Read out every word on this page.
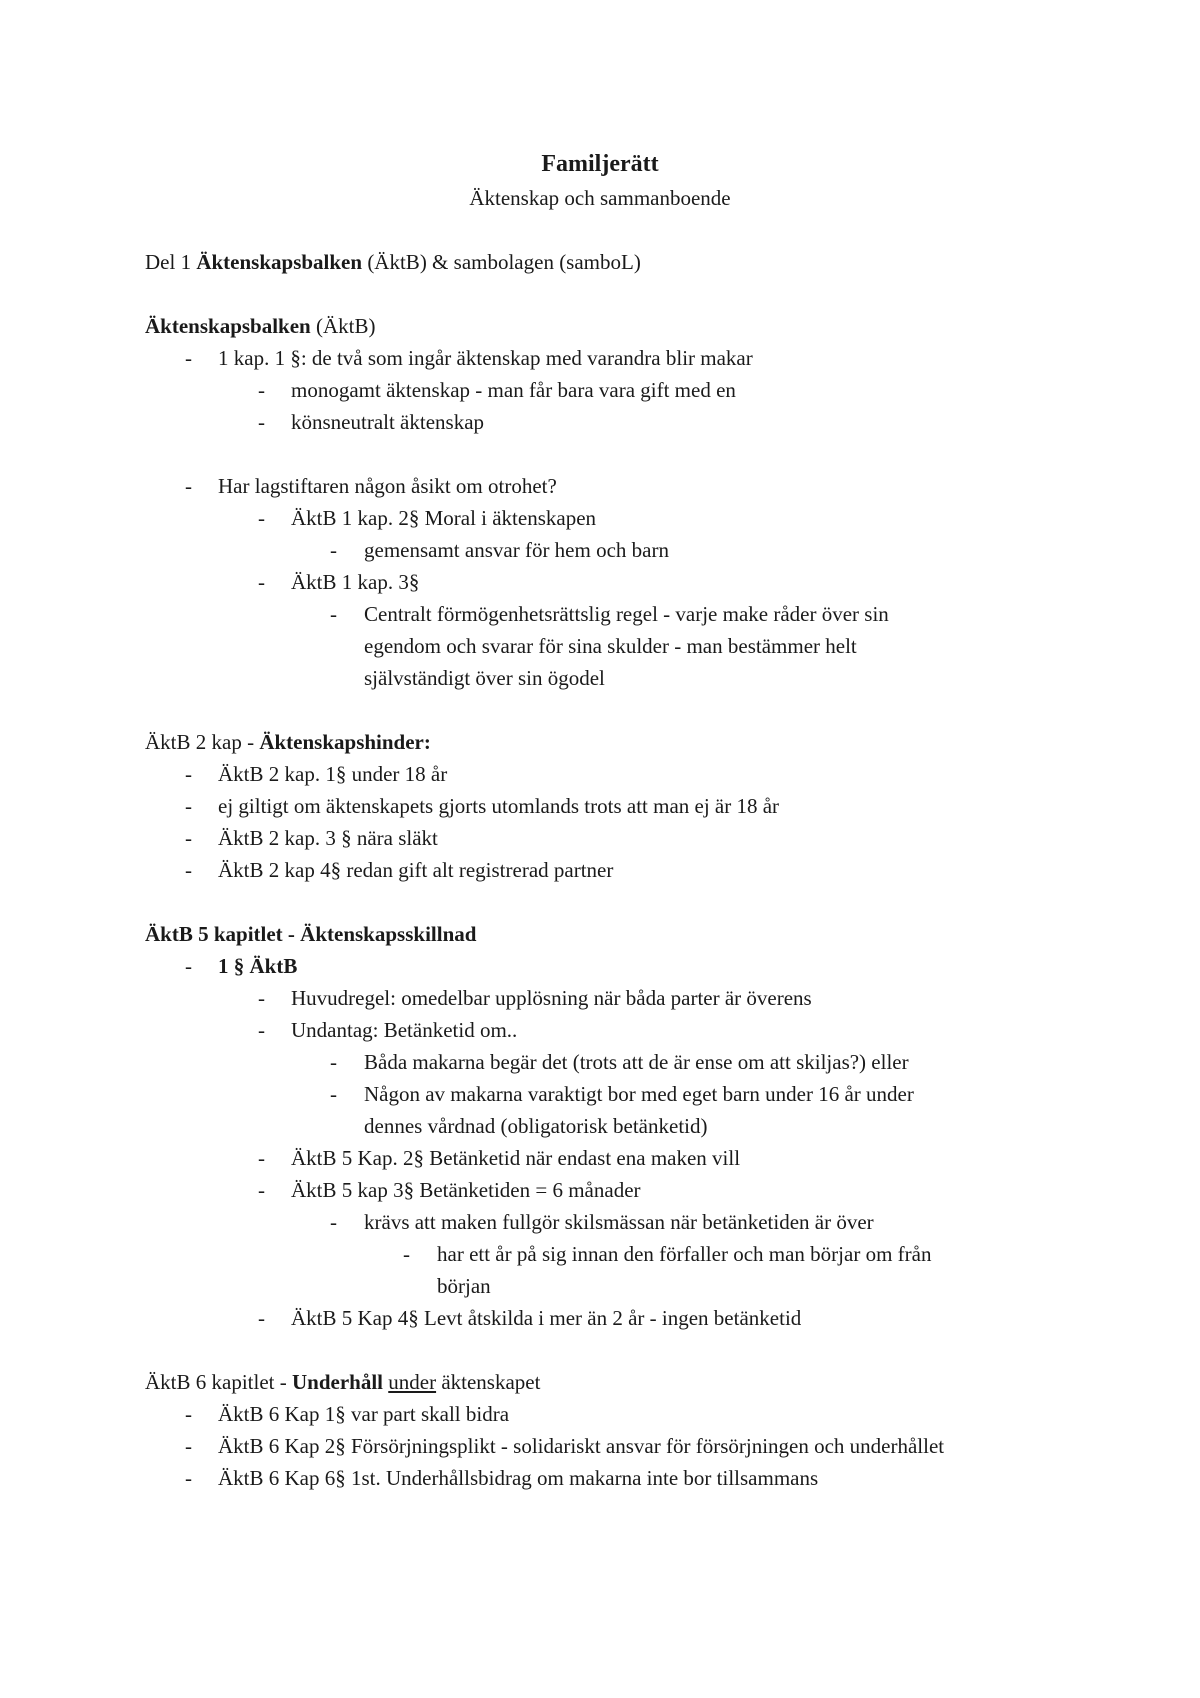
Familjerätt

Äktenskap och sammanboende

Del 1 Äktenskapsbalken (ÄktB) & sambolagen (samboL)

Äktenskapsbalken (ÄktB)

-	1 kap. 1 §: de två som ingår äktenskap med varandra blir makar
-	monogamt äktenskap - man får bara vara gift med en
-	könsneutralt äktenskap
-	Har lagstiftaren någon åsikt om otrohet?
-	ÄktB 1 kap. 2§ Moral i äktenskapen
-	gemensamt ansvar för hem och barn
-	ÄktB 1 kap. 3§
-	Centralt förmögenhetsrättslig regel - varje make råder över sin
egendom och svarar för sina skulder - man bestämmer helt
självständigt över sin ögodel

ÄktB 2 kap - Äktenskapshinder:

-	ÄktB 2 kap. 1§ under 18 år
-	ej giltigt om äktenskapets gjorts utomlands trots att man ej är 18 år
-	ÄktB 2 kap. 3 § nära släkt
-	ÄktB 2 kap 4§ redan gift alt registrerad partner

ÄktB 5 kapitlet - Äktenskapsskillnad

-	1 § ÄktB
-	Huvudregel: omedelbar upplösning när båda parter är överens
-	Undantag: Betänketid om..
-	Båda makarna begär det (trots att de är ense om att skiljas?) eller
-	Någon av makarna varaktigt bor med eget barn under 16 år under
dennes vårdnad (obligatorisk betänketid)
-	ÄktB 5 Kap. 2§ Betänketid när endast ena maken vill
-	ÄktB 5 kap 3§ Betänketiden = 6 månader
-	krävs att maken fullgör skilsmässan när betänketiden är över
-	har ett år på sig innan den förfaller och man börjar om från
början
-	ÄktB 5 Kap 4§ Levt åtskilda i mer än 2 år - ingen betänketid

ÄktB 6 kapitlet - Underhåll under äktenskapet

-	ÄktB 6 Kap 1§ var part skall bidra
-	ÄktB 6 Kap 2§ Försörjningsplikt - solidariskt ansvar för försörjningen och underhållet
-	ÄktB 6 Kap 6§ 1st. Underhållsbidrag om makarna inte bor tillsammans
